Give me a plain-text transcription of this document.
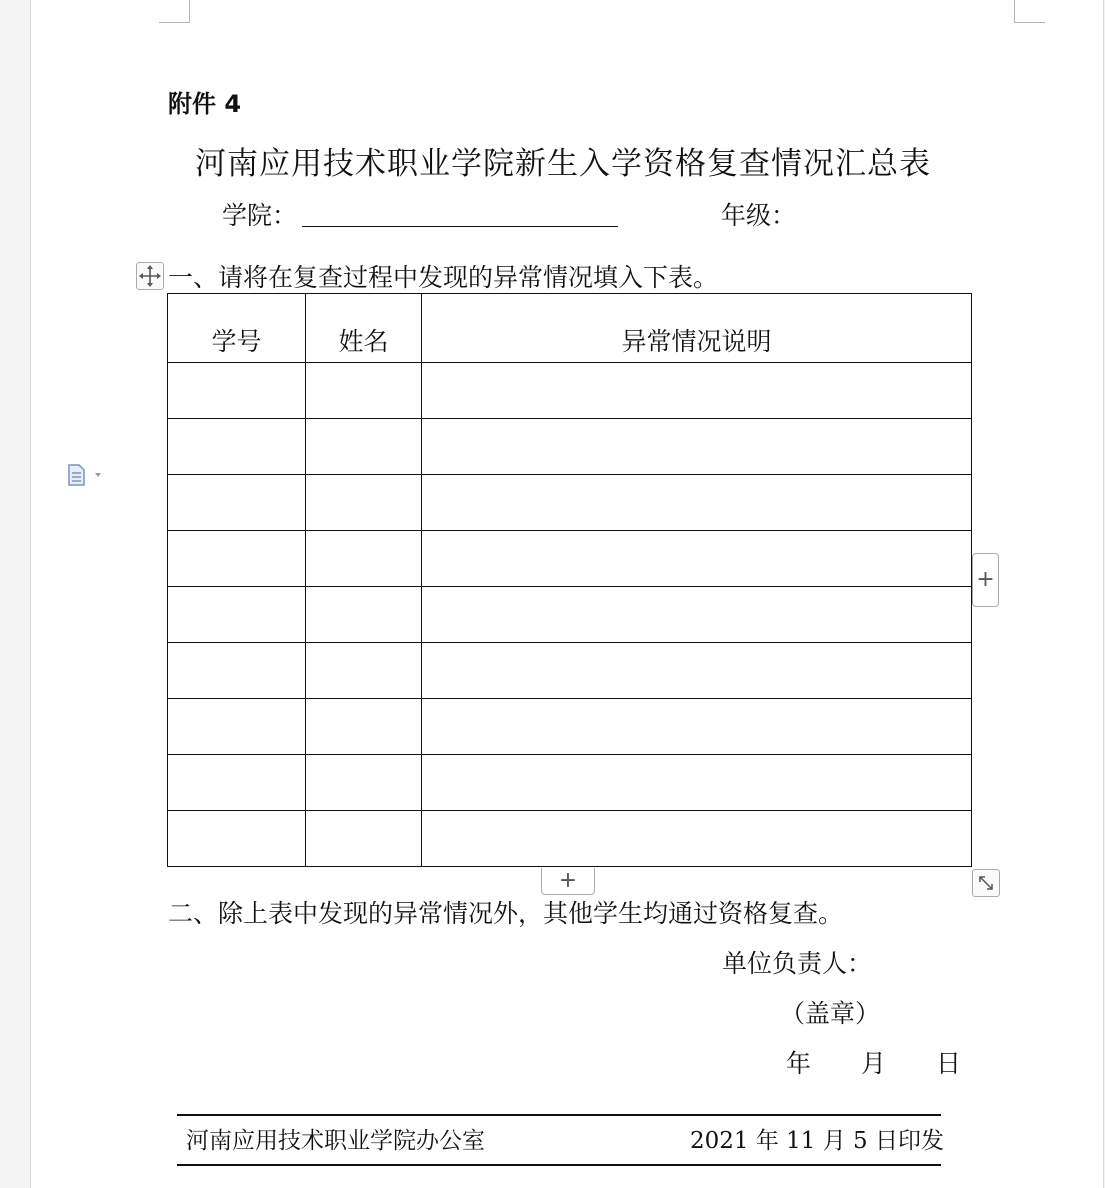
附件 4
河南应用技术职业学院新生入学资格复查情况汇总表
学院：	年级：
一、请将在复查过程中发现的异常情况填入下表。
学号	姓名	异常情况说明

+
+
二、除上表中发现的异常情况外，其他学生均通过资格复查。
单位负责人：
（盖章）
年 月 日
河南应用技术职业学院办公室	2021 年 11 月 5 日印发
